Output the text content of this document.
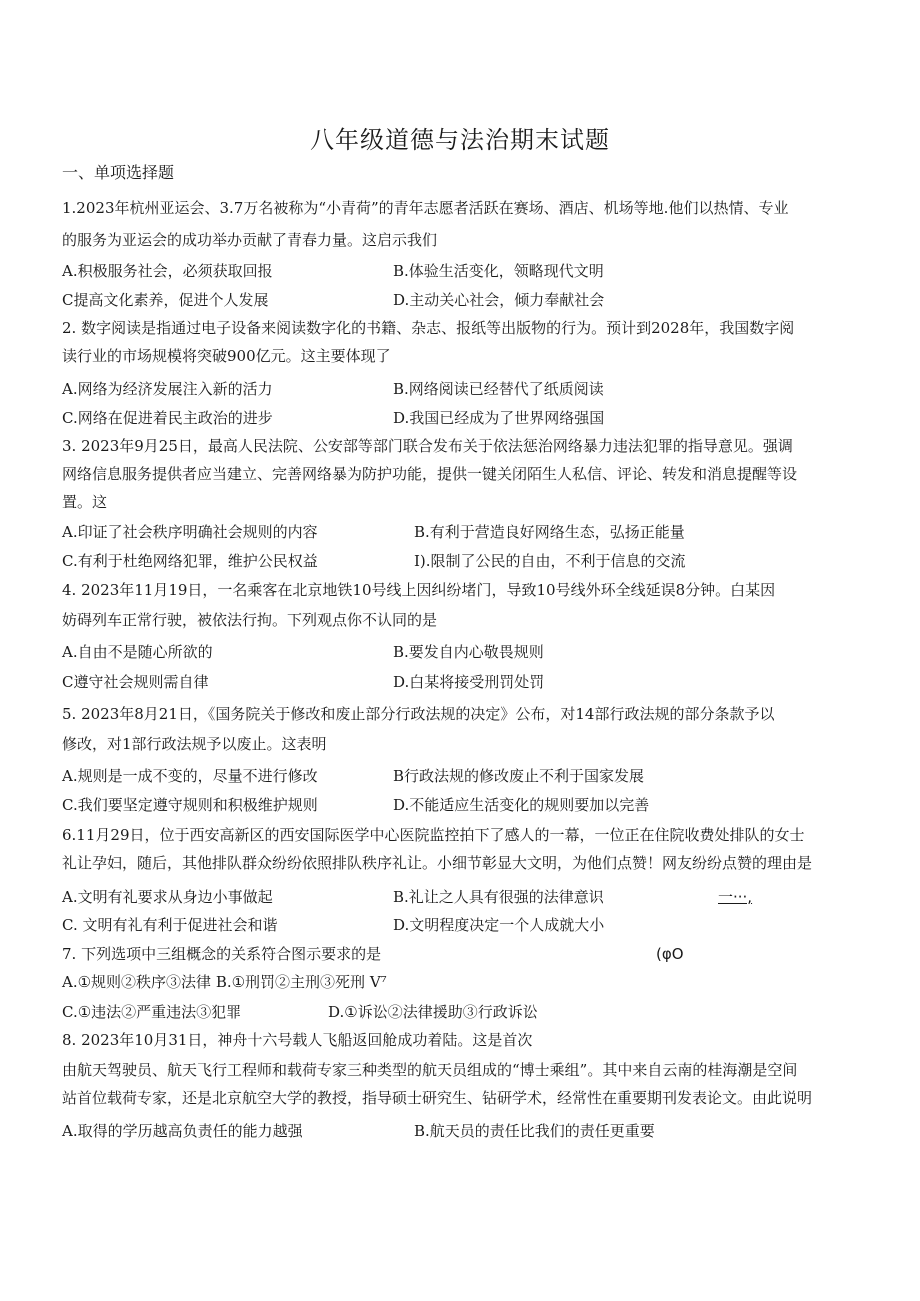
八年级道德与法治期末试题
一、单项选择题
1.2023年杭州亚运会、3.7万名被称为“小青荷”的青年志愿者活跃在赛场、酒店、机场等地.他们以热情、专业
的服务为亚运会的成功举办贡献了青春力量。这启示我们
A.积极服务社会，必须获取回报	B.体验生活变化，领略现代文明
C提高文化素养，促进个人发展	D.主动关心社会，倾力奉献社会
2. 数字阅读是指通过电子设备来阅读数字化的书籍、杂志、报纸等出版物的行为。预计到2028年，我国数字阅
读行业的市场规模将突破900亿元。这主要体现了
A.网络为经济发展注入新的活力	B.网络阅读已经替代了纸质阅读
C.网络在促进着民主政治的进步	D.我国已经成为了世界网络强国
3. 2023年9月25日，最高人民法院、公安部等部门联合发布关于依法惩治网络暴力违法犯罪的指导意见。强调
网络信息服务提供者应当建立、完善网络暴为防护功能，提供一键关闭陌生人私信、评论、转发和消息提醒等设
置。这
A.印证了社会秩序明确社会规则的内容	B.有利于营造良好网络生态，弘扬正能量
C.有利于杜绝网络犯罪，维护公民权益	I).限制了公民的自由，不利于信息的交流
4. 2023年11月19日，一名乘客在北京地铁10号线上因纠纷堵门，导致10号线外环全线延误8分钟。白某因
妨碍列车正常行驶，被依法行拘。下列观点你不认同的是
A.自由不是随心所欲的	B.要发自内心敬畏规则
C遵守社会规则需自律	D.白某将接受刑罚处罚
5. 2023年8月21日，《国务院关于修改和废止部分行政法规的决定》公布，对14部行政法规的部分条款予以
修改，对1部行政法规予以废止。这表明
A.规则是一成不变的，尽量不进行修改	B行政法规的修改废止不利于国家发展
C.我们要坚定遵守规则和积极维护规则	D.不能适应生活变化的规则要加以完善
6.11月29日，位于西安高新区的西安国际医学中心医院监控拍下了感人的一幕，一位正在住院收费处排队的女士
礼让孕妇，随后，其他排队群众纷纷依照排队秩序礼让。小细节彰显大文明，为他们点赞！网友纷纷点赞的理由是
A.文明有礼要求从身边小事做起	B.礼让之人具有很强的法律意识	一···,
C. 文明有礼有利于促进社会和谐	D.文明程度决定一个人成就大小
7. 下列选项中三组概念的关系符合图示要求的是	(φO
A.①规则②秩序③法律 B.①刑罚②主刑③死刑 V⁷
C.①违法②严重违法③犯罪	D.①诉讼②法律援助③行政诉讼
8. 2023年10月31日，神舟十六号载人飞船返回舱成功着陆。这是首次
由航天驾驶员、航天飞行工程师和载荷专家三种类型的航天员组成的“博士乘组”。其中来自云南的桂海潮是空间
站首位载荷专家，还是北京航空大学的教授，指导硕士研究生、钻研学术，经常性在重要期刊发表论文。由此说明
A.取得的学历越高负责任的能力越强	B.航天员的责任比我们的责任更重要
